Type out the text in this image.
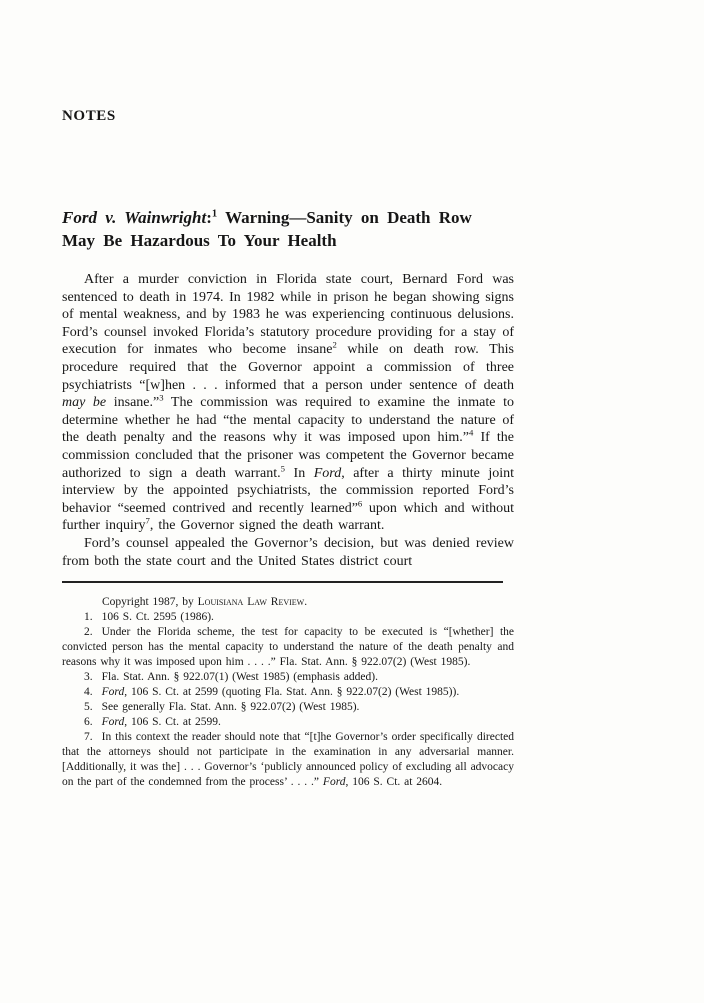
NOTES
Ford v. Wainwright:$^1$ Warning—Sanity on Death Row
May Be Hazardous To Your Health

After a murder conviction in Florida state court, Bernard Ford was sentenced to death in 1974. In 1982 while in prison he began showing signs of mental weakness, and by 1983 he was experiencing continuous delusions. Ford’s counsel invoked Florida’s statutory procedure providing for a stay of execution for inmates who become insane$^2$ while on death row. This procedure required that the Governor appoint a commission of three psychiatrists “[w]hen . . . informed that a person under sentence of death may be insane.”$^3$ The commission was required to examine the inmate to determine whether he had “the mental capacity to understand the nature of the death penalty and the reasons why it was imposed upon him.”$^4$ If the commission concluded that the prisoner was competent the Governor became authorized to sign a death warrant.$^5$ In Ford, after a thirty minute joint interview by the appointed psychiatrists, the commission reported Ford’s behavior “seemed contrived and recently learned”$^6$ upon which and without further inquiry$^7$, the Governor signed the death warrant.

Ford’s counsel appealed the Governor’s decision, but was denied review from both the state court and the United States district court

Copyright 1987, by Louisiana Law Review.

1. 106 S. Ct. 2595 (1986).

2. Under the Florida scheme, the test for capacity to be executed is “[whether] the convicted person has the mental capacity to understand the nature of the death penalty and reasons why it was imposed upon him . . . .” Fla. Stat. Ann. § 922.07(2) (West 1985).

3. Fla. Stat. Ann. § 922.07(1) (West 1985) (emphasis added).

4. Ford, 106 S. Ct. at 2599 (quoting Fla. Stat. Ann. § 922.07(2) (West 1985)).

5. See generally Fla. Stat. Ann. § 922.07(2) (West 1985).

6. Ford, 106 S. Ct. at 2599.

7. In this context the reader should note that “[t]he Governor’s order specifically directed that the attorneys should not participate in the examination in any adversarial manner. [Additionally, it was the] . . . Governor’s ‘publicly announced policy of excluding all advocacy on the part of the condemned from the process’ . . . .” Ford, 106 S. Ct. at 2604.
